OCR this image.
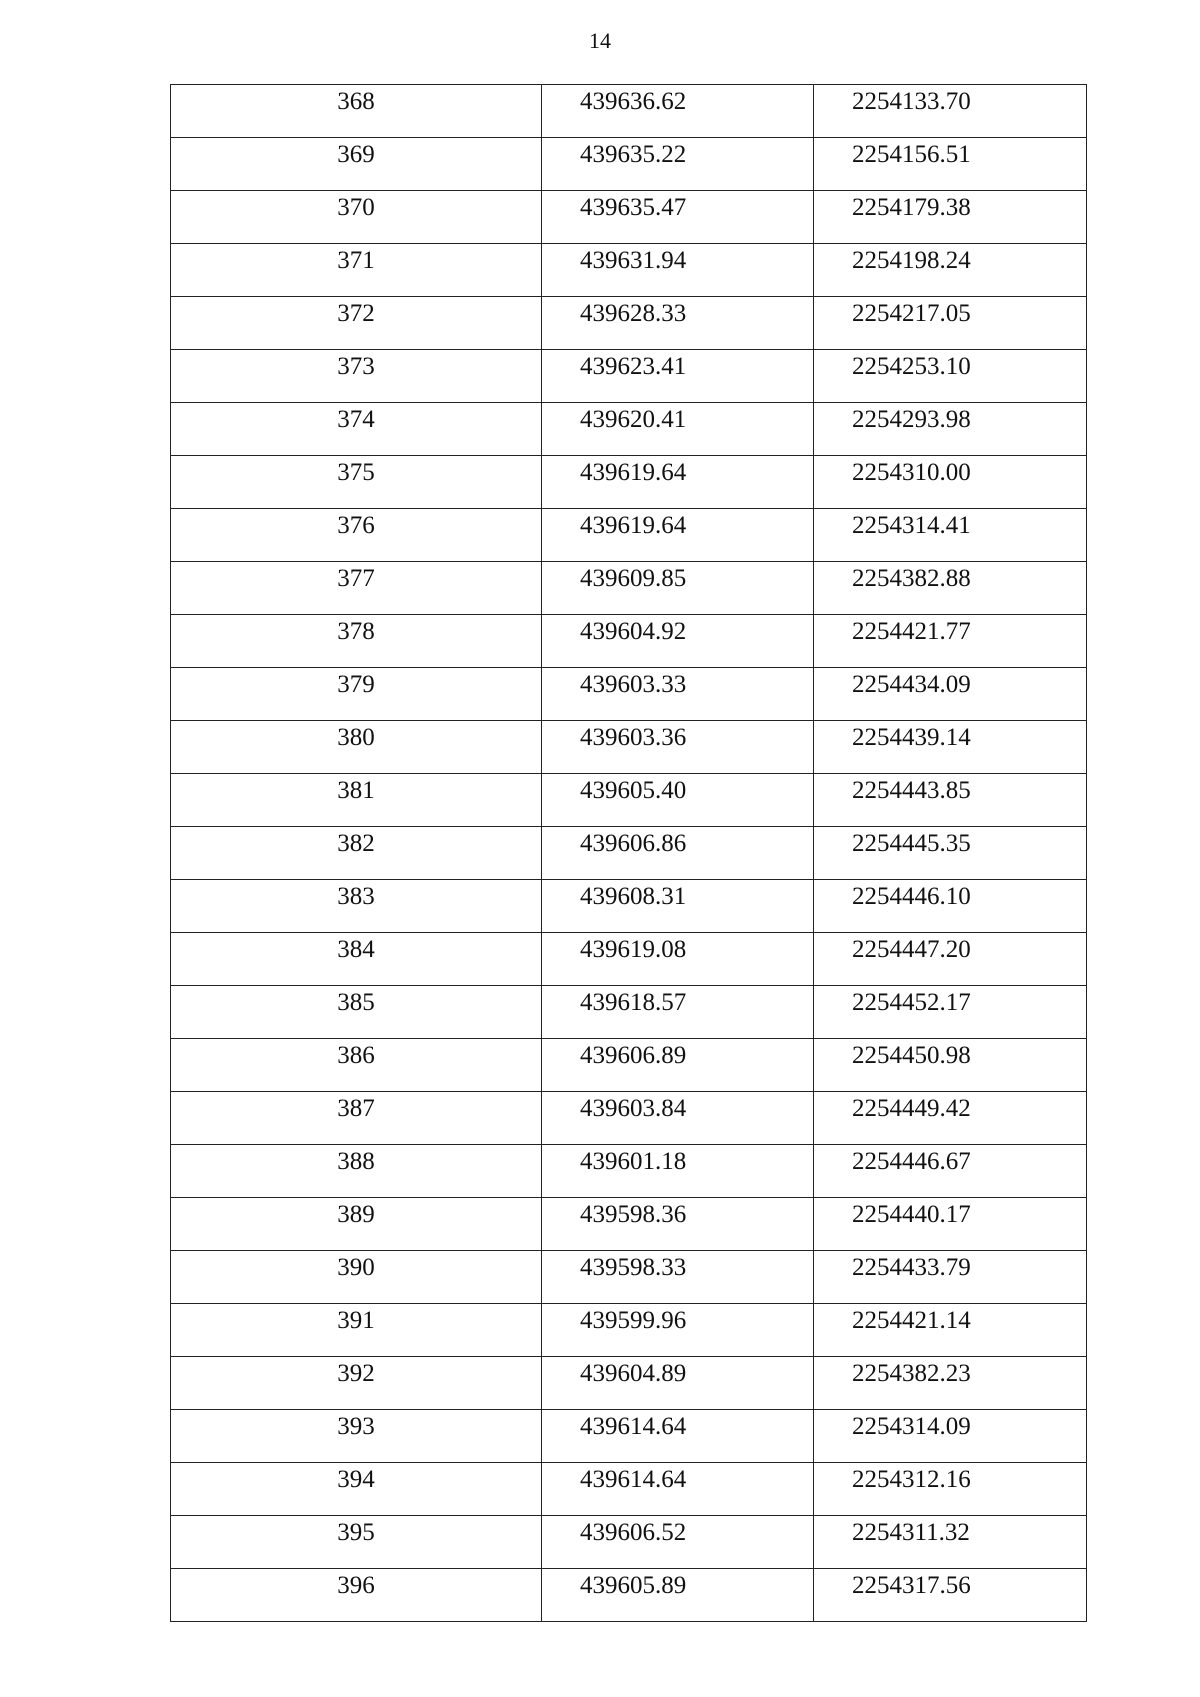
14
368	439636.62	2254133.70

369	439635.22	2254156.51

370	439635.47	2254179.38

371	439631.94	2254198.24

372	439628.33	2254217.05

373	439623.41	2254253.10

374	439620.41	2254293.98

375	439619.64	2254310.00

376	439619.64	2254314.41

377	439609.85	2254382.88

378	439604.92	2254421.77

379	439603.33	2254434.09

380	439603.36	2254439.14

381	439605.40	2254443.85

382	439606.86	2254445.35

383	439608.31	2254446.10

384	439619.08	2254447.20

385	439618.57	2254452.17

386	439606.89	2254450.98

387	439603.84	2254449.42

388	439601.18	2254446.67

389	439598.36	2254440.17

390	439598.33	2254433.79

391	439599.96	2254421.14

392	439604.89	2254382.23

393	439614.64	2254314.09

394	439614.64	2254312.16

395	439606.52	2254311.32

396	439605.89	2254317.56
